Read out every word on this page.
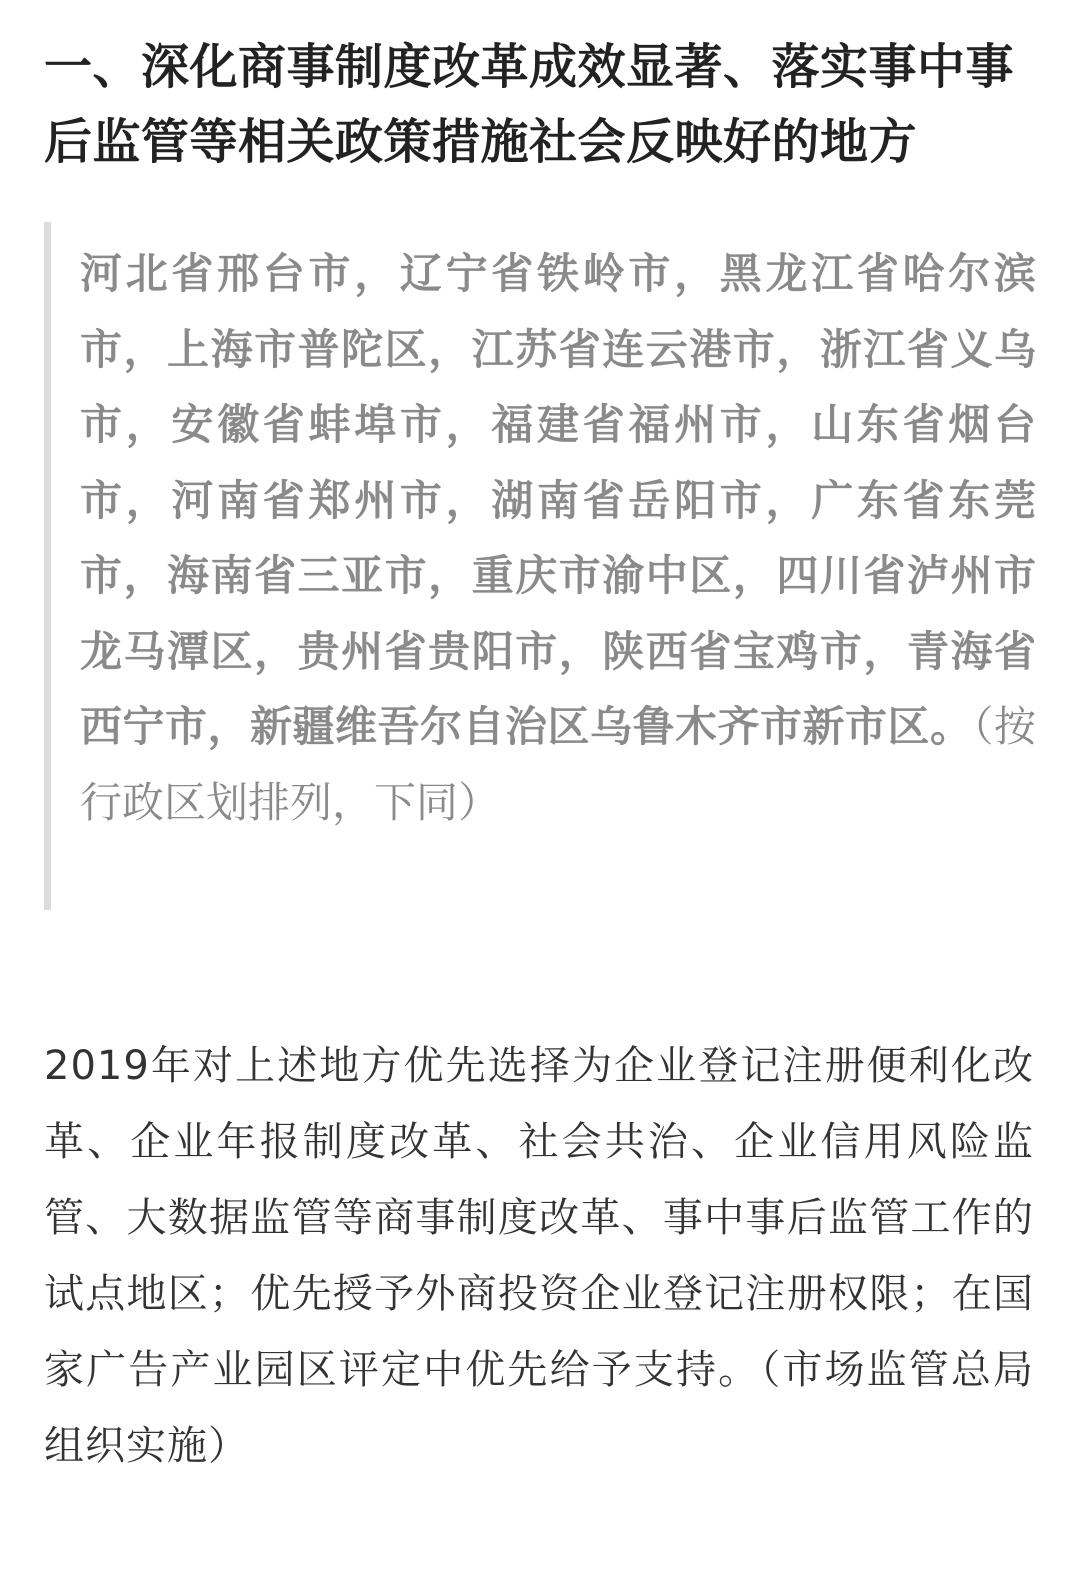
一、深化商事制度改革成效显著、落实事中事后监管等相关政策措施社会反映好的地方

河北省邢台市，辽宁省铁岭市，黑龙江省哈尔滨市，上海市普陀区，江苏省连云港市，浙江省义乌市，安徽省蚌埠市，福建省福州市，山东省烟台市，河南省郑州市，湖南省岳阳市，广东省东莞市，海南省三亚市，重庆市渝中区，四川省泸州市龙马潭区，贵州省贵阳市，陕西省宝鸡市，青海省西宁市，新疆维吾尔自治区乌鲁木齐市新市区。（按行政区划排列，下同）

2019年对上述地方优先选择为企业登记注册便利化改革、企业年报制度改革、社会共治、企业信用风险监管、大数据监管等商事制度改革、事中事后监管工作的试点地区；优先授予外商投资企业登记注册权限；在国家广告产业园区评定中优先给予支持。（市场监管总局组织实施）
